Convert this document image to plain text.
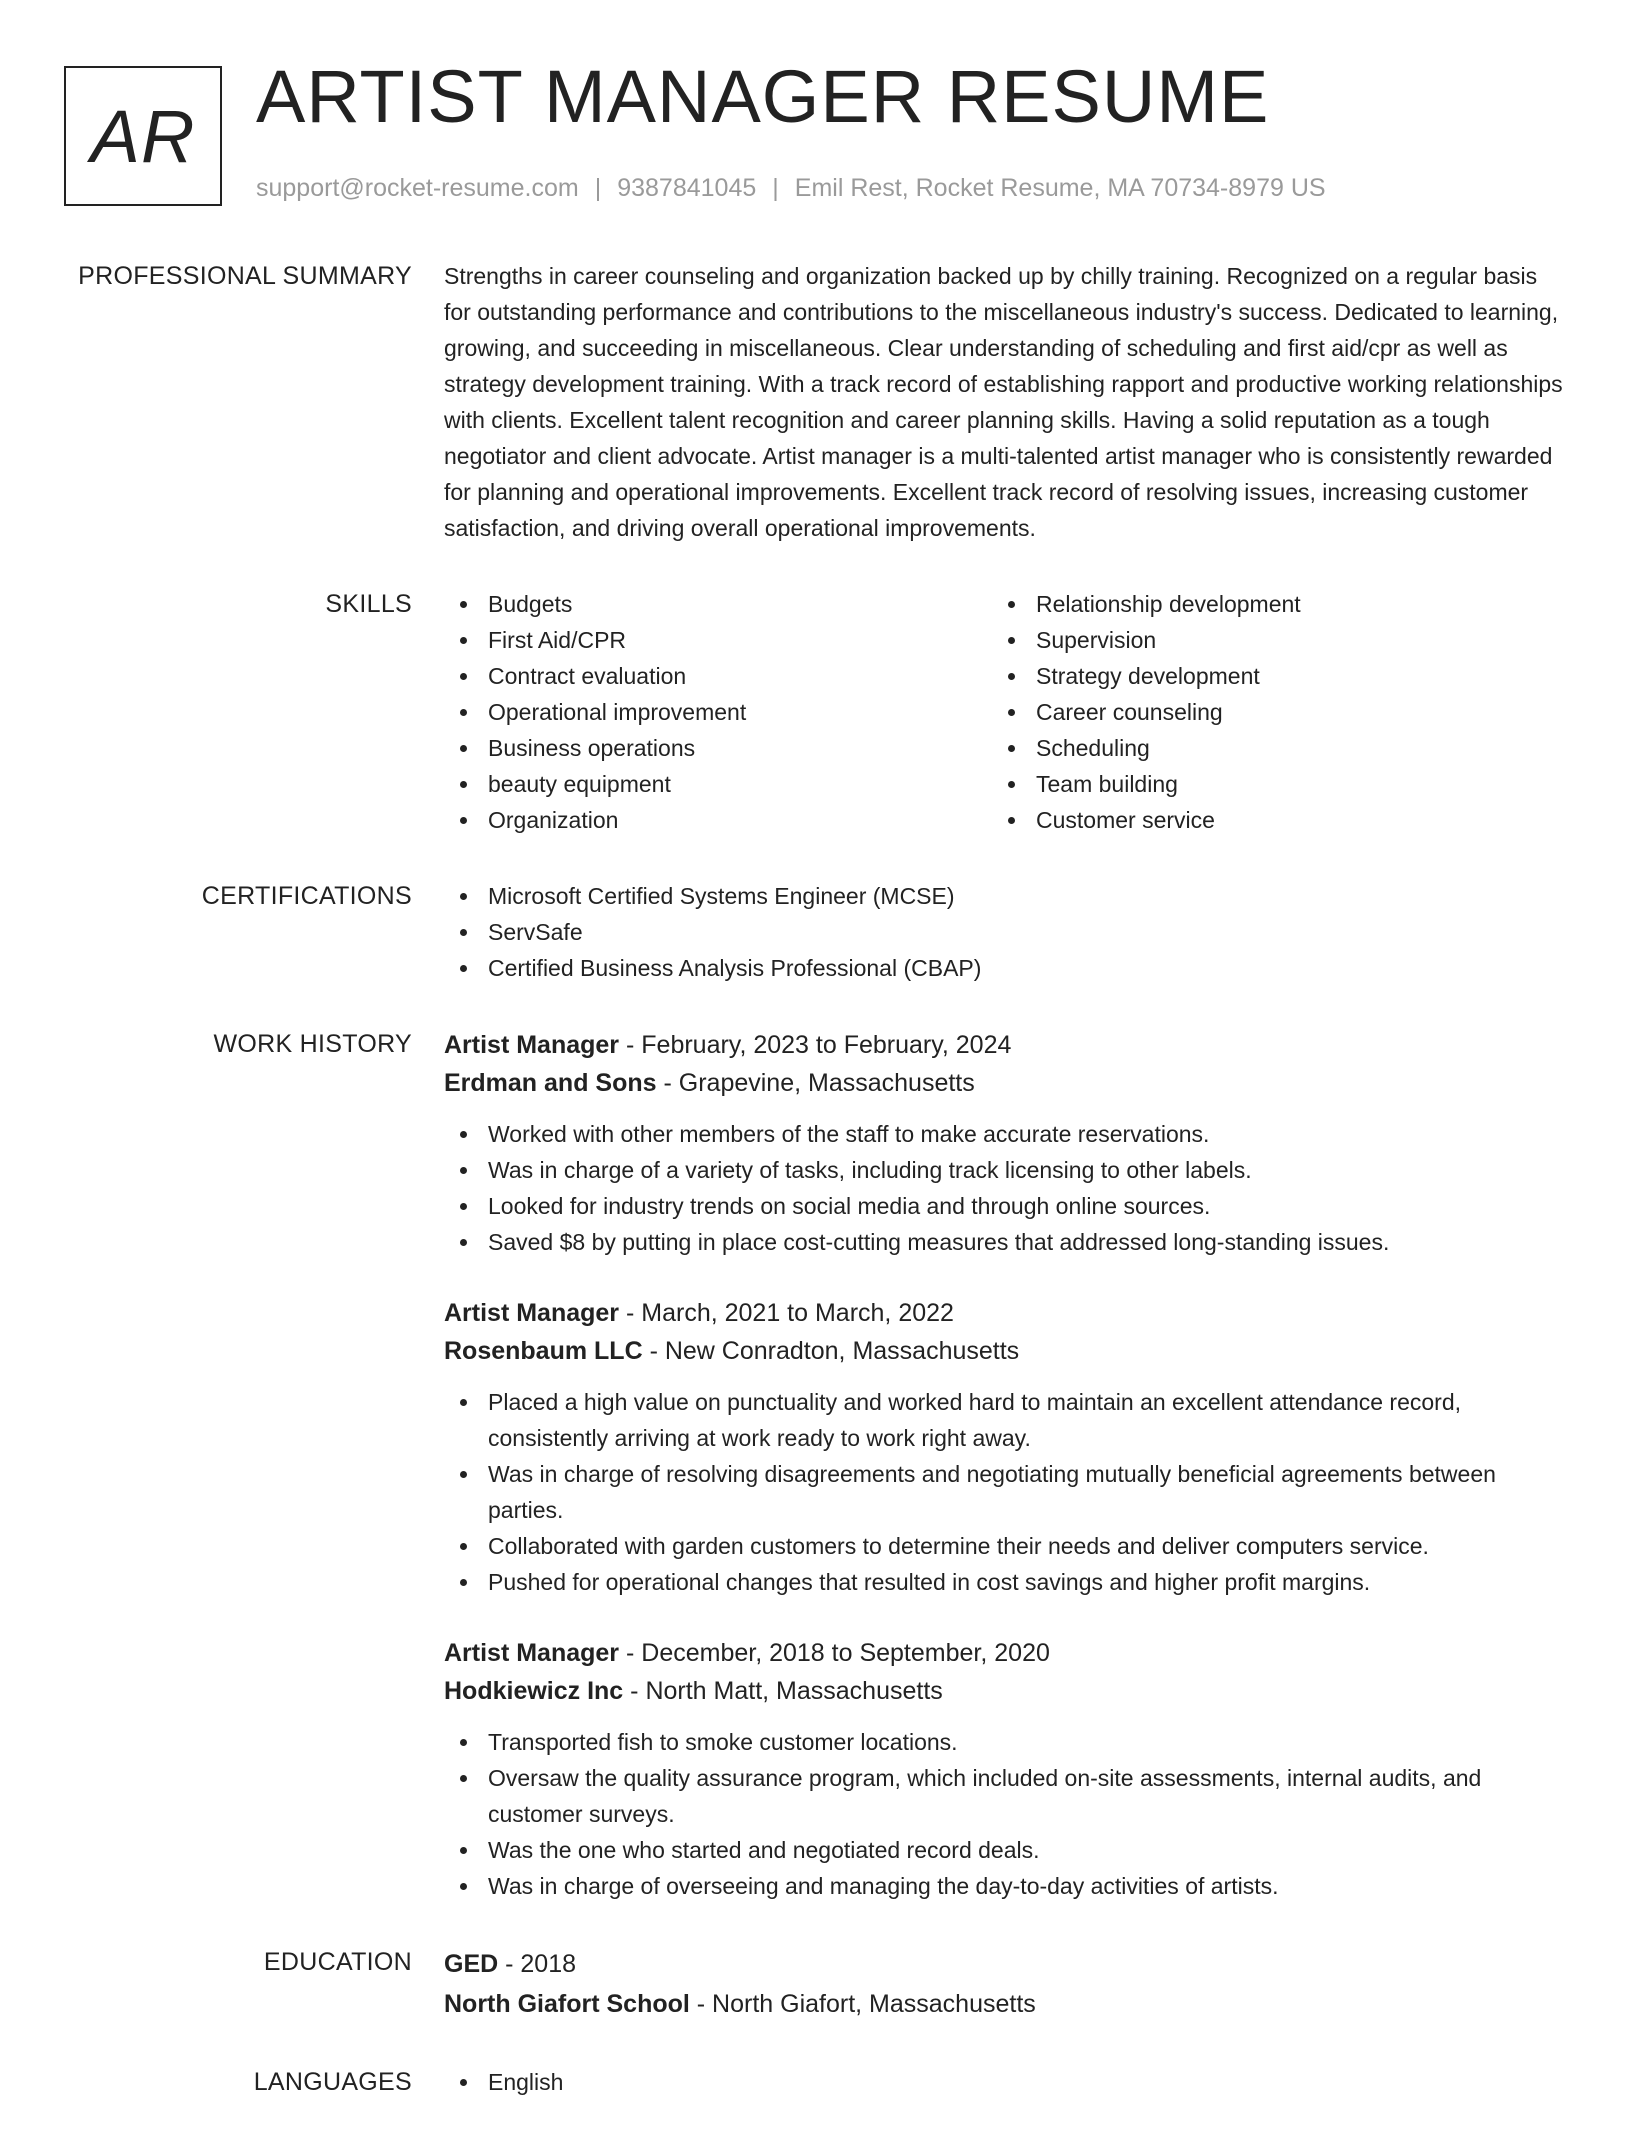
AR ARTIST MANAGER RESUME
support@rocket-resume.com | 9387841045 | Emil Rest, Rocket Resume, MA 70734-8979 US
PROFESSIONAL SUMMARY Strengths in career counseling and organization backed up by chilly training. Recognized on a regular basis for outstanding performance and contributions to the miscellaneous industry's success. Dedicated to learning, growing, and succeeding in miscellaneous. Clear understanding of scheduling and first aid/cpr as well as strategy development training. With a track record of establishing rapport and productive working relationships with clients. Excellent talent recognition and career planning skills. Having a solid reputation as a tough negotiator and client advocate. Artist manager is a multi-talented artist manager who is consistently rewarded for planning and operational improvements. Excellent track record of resolving issues, increasing customer satisfaction, and driving overall operational improvements.

SKILLS	Budgets
First Aid/CPR
Contract evaluation
Operational improvement
Business operations
beauty equipment
Organization
Relationship development
Supervision
Strategy development
Career counseling
Scheduling
Team building
Customer service
CERTIFICATIONS	Microsoft Certified Systems Engineer (MCSE)
ServSafe
Certified Business Analysis Professional (CBAP)
WORK HISTORY Artist Manager - February, 2023 to February, 2024
Erdman and Sons - Grapevine, Massachusetts
Worked with other members of the staff to make accurate reservations.
Was in charge of a variety of tasks, including track licensing to other labels.
Looked for industry trends on social media and through online sources.
Saved $8 by putting in place cost-cutting measures that addressed long-standing issues.
Artist Manager - March, 2021 to March, 2022
Rosenbaum LLC - New Conradton, Massachusetts
Placed a high value on punctuality and worked hard to maintain an excellent attendance record, consistently arriving at work ready to work right away.
Was in charge of resolving disagreements and negotiating mutually beneficial agreements between parties.
Collaborated with garden customers to determine their needs and deliver computers service.
Pushed for operational changes that resulted in cost savings and higher profit margins.
Artist Manager - December, 2018 to September, 2020
Hodkiewicz Inc - North Matt, Massachusetts
Transported fish to smoke customer locations.
Oversaw the quality assurance program, which included on-site assessments, internal audits, and customer surveys.
Was the one who started and negotiated record deals.
Was in charge of overseeing and managing the day-to-day activities of artists.
EDUCATION GED - 2018
North Giafort School - North Giafort, Massachusetts
LANGUAGES	English
